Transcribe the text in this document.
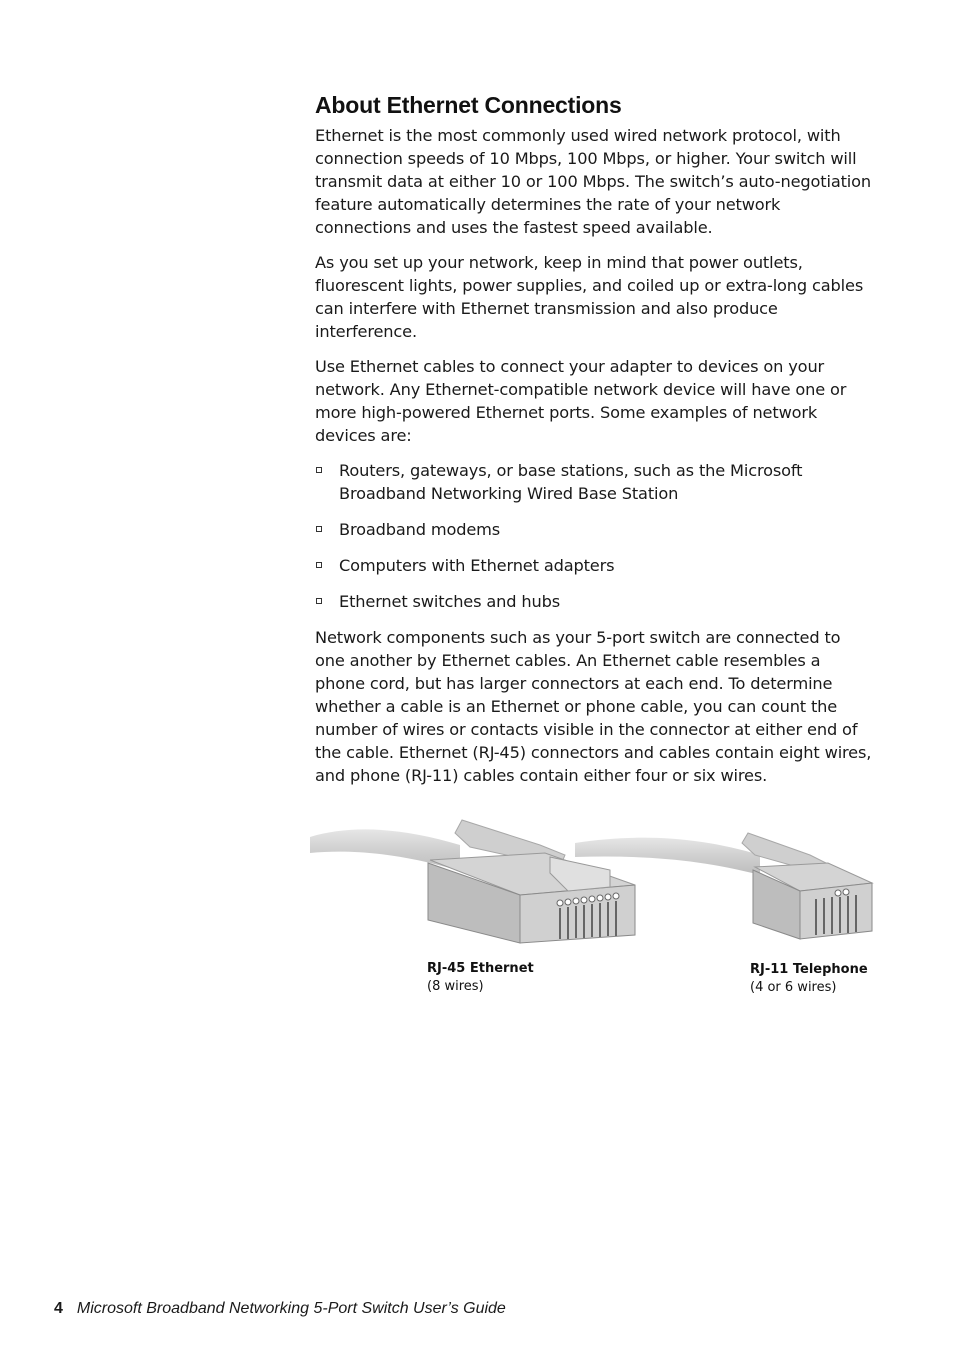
About Ethernet Connections

Ethernet is the most commonly used wired network protocol, with connection speeds of 10 Mbps, 100 Mbps, or higher. Your switch will transmit data at either 10 or 100 Mbps. The switch’s auto-negotiation feature automatically determines the rate of your network connections and uses the fastest speed available.

As you set up your network, keep in mind that power outlets, fluorescent lights, power supplies, and coiled up or extra-long cables can interfere with Ethernet transmission and also produce interference.

Use Ethernet cables to connect your adapter to devices on your network. Any Ethernet-compatible network device will have one or more high-powered Ethernet ports. Some examples of network devices are:

Routers, gateways, or base stations, such as the Microsoft Broadband Networking Wired Base Station
Broadband modems
Computers with Ethernet adapters
Ethernet switches and hubs

Network components such as your 5-port switch are connected to one another by Ethernet cables. An Ethernet cable resembles a phone cord, but has larger connectors at each end. To determine whether a cable is an Ethernet or phone cable, you can count the number of wires or contacts visible in the connector at either end of the cable. Ethernet (RJ-45) connectors and cables contain eight wires, and phone (RJ-11) cables contain either four or six wires.

RJ-45 Ethernet
(8 wires)
RJ-11 Telephone
(4 or 6 wires)
4 Microsoft Broadband Networking 5-Port Switch User’s Guide
